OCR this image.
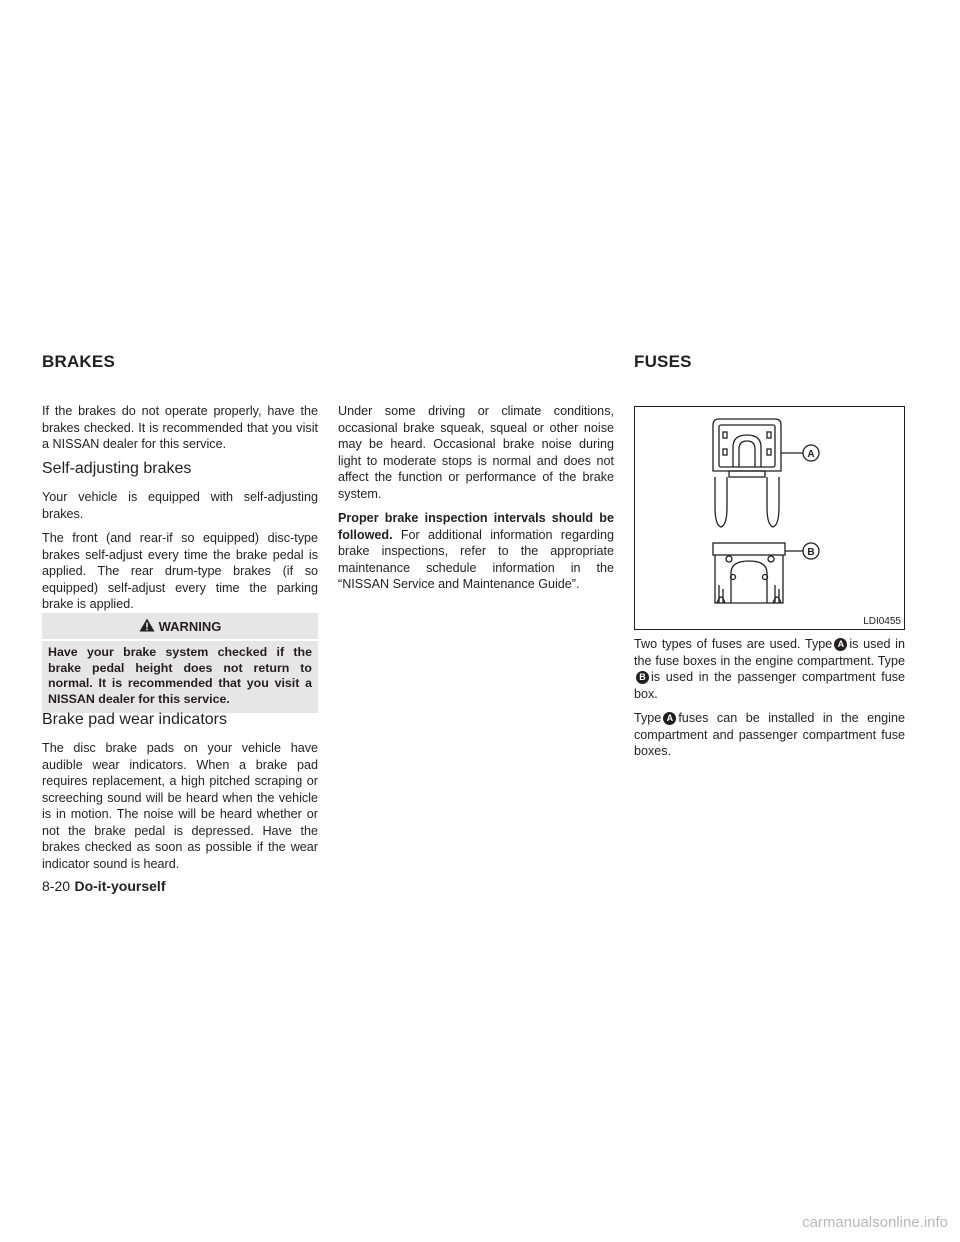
BRAKES	FUSES

If the brakes do not operate properly, have the brakes checked. It is recommended that you visit a NISSAN dealer for this service.

Self-adjusting brakes

Your vehicle is equipped with self-adjusting brakes.

The front (and rear-if so equipped) disc-type brakes self-adjust every time the brake pedal is applied. The rear drum-type brakes (if so equipped) self-adjust every time the parking brake is applied.

WARNING
Have your brake system checked if the brake pedal height does not return to normal. It is recommended that you visit a NISSAN dealer for this service.
Brake pad wear indicators

The disc brake pads on your vehicle have audible wear indicators. When a brake pad requires replacement, a high pitched scraping or screeching sound will be heard when the vehicle is in motion. The noise will be heard whether or not the brake pedal is depressed. Have the brakes checked as soon as possible if the wear indicator sound is heard.

Under some driving or climate conditions, occasional brake squeak, squeal or other noise may be heard. Occasional brake noise during light to moderate stops is normal and does not affect the function or performance of the brake system.

Proper brake inspection intervals should be followed. For additional information regarding brake inspections, refer to the appropriate maintenance schedule information in the “NISSAN Service and Maintenance Guide”.

A
B
LDI0455

Two types of fuses are used. Type A is used in the fuse boxes in the engine compartment. Type B is used in the passenger compartment fuse box.

Type A fuses can be installed in the engine compartment and passenger compartment fuse boxes.

8-20 Do-it-yourself
carmanualsonline.info
